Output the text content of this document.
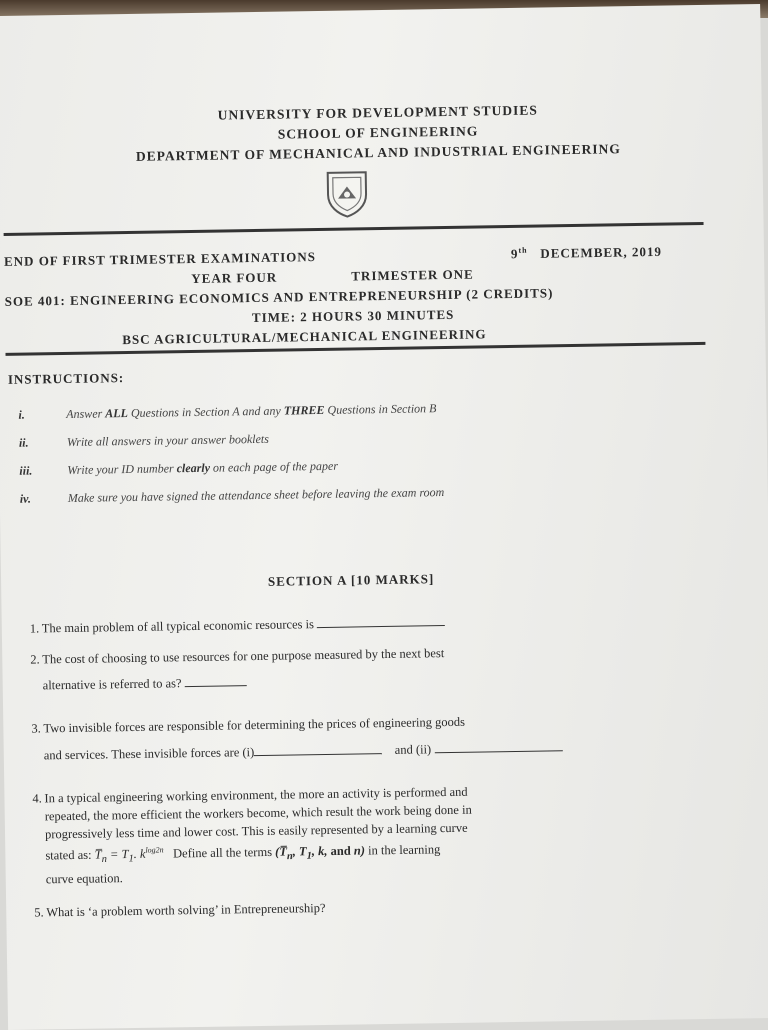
UNIVERSITY FOR DEVELOPMENT STUDIES
SCHOOL OF ENGINEERING
DEPARTMENT OF MECHANICAL AND INDUSTRIAL ENGINEERING
END OF FIRST TRIMESTER EXAMINATIONS	9th DECEMBER, 2019
YEAR FOUR	TRIMESTER ONE
SOE 401: ENGINEERING ECONOMICS AND ENTREPRENEURSHIP (2 CREDITS)
TIME: 2 HOURS 30 MINUTES
BSC AGRICULTURAL/MECHANICAL ENGINEERING
INSTRUCTIONS:
i.	Answer ALL Questions in Section A and any THREE Questions in Section B
ii.	Write all answers in your answer booklets
iii.	Write your ID number clearly on each page of the paper
iv.	Make sure you have signed the attendance sheet before leaving the exam room
SECTION A [10 MARKS]
1. The main problem of all typical economic resources is
2. The cost of choosing to use resources for one purpose measured by the next best
alternative is referred to as?
3. Two invisible forces are responsible for determining the prices of engineering goods
and services. These invisible forces are (i)	and (ii)
4. In a typical engineering working environment, the more an activity is performed and
repeated, the more efficient the workers become, which result the work being done in
progressively less time and lower cost. This is easily represented by a learning curve
stated as: $T̅_n = T_1$. $k^{log2n}$ Define all the terms ($T̅_n$, $T_1$, k, and n) in the learning
curve equation.
5. What is ‘a problem worth solving’ in Entrepreneurship?
